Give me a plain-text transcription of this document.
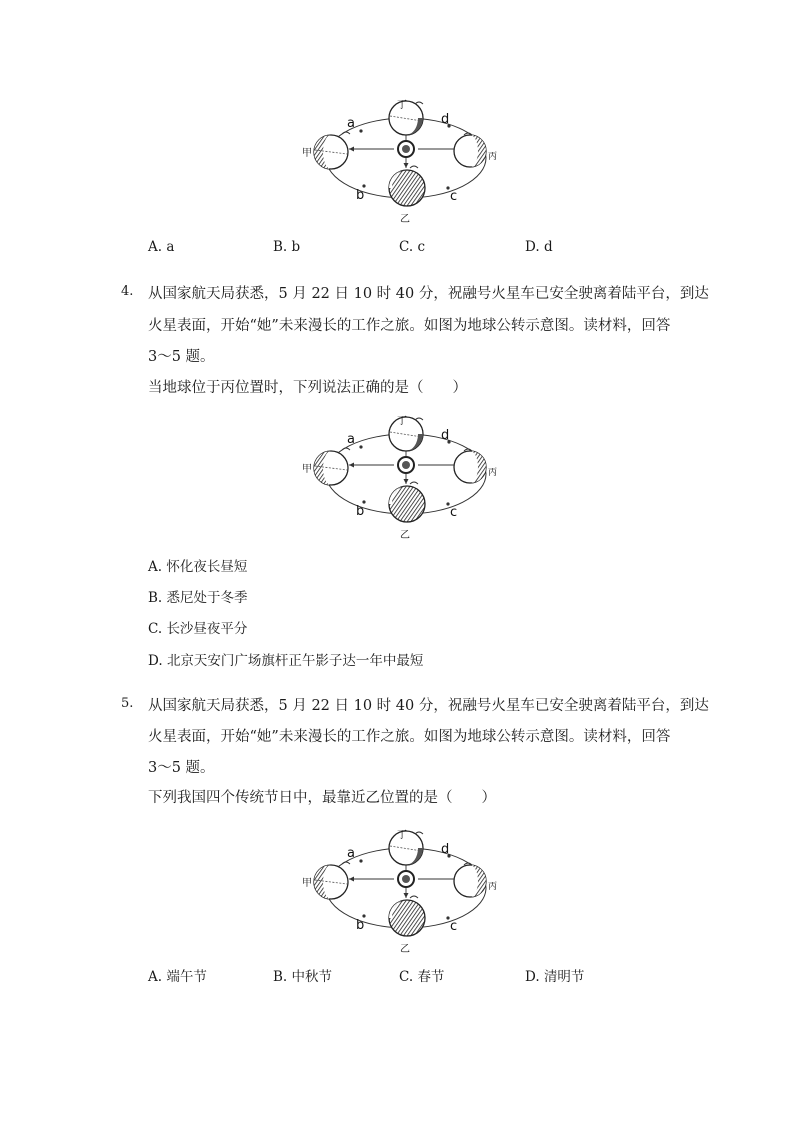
丁
甲	丙
乙
a
b	c
d
A. a	B. b	C. c	D. d
4. 从国家航天局获悉，5 月 22 日 10 时 40 分，祝融号火星车已安全驶离着陆平台，到达
火星表面，开始“她”未来漫长的工作之旅。如图为地球公转示意图。读材料，回答
3～5 题。
当地球位于丙位置时，下列说法正确的是（　　）
丁
甲	丙
乙
a
b	c
d
A. 怀化夜长昼短
B. 悉尼处于冬季
C. 长沙昼夜平分
D. 北京天安门广场旗杆正午影子达一年中最短
5. 从国家航天局获悉，5 月 22 日 10 时 40 分，祝融号火星车已安全驶离着陆平台，到达
火星表面，开始“她”未来漫长的工作之旅。如图为地球公转示意图。读材料，回答
3～5 题。
下列我国四个传统节日中，最靠近乙位置的是（　　）
丁
甲	丙
乙
a
b	c
d
A. 端午节	B. 中秋节	C. 春节	D. 清明节
